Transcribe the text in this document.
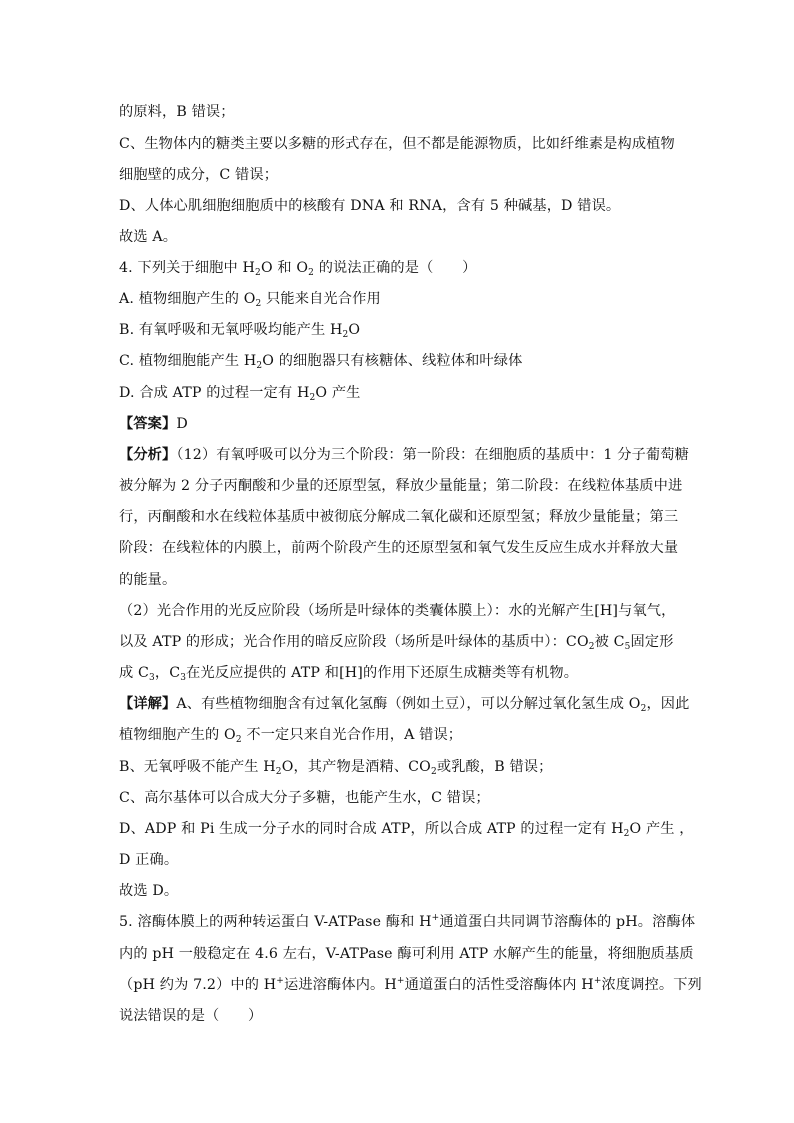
的原料，B 错误；
C、生物体内的糖类主要以多糖的形式存在，但不都是能源物质，比如纤维素是构成植物
细胞壁的成分，C 错误；
D、人体心肌细胞细胞质中的核酸有 DNA 和 RNA，含有 5 种碱基，D 错误。
故选 A。
4. 下列关于细胞中 $H_2O$ 和 $O_2$ 的说法正确的是（　　）
A. 植物细胞产生的 $O_2$ 只能来自光合作用
B. 有氧呼吸和无氧呼吸均能产生 $H_2O$
C. 植物细胞能产生 $H_2O$ 的细胞器只有核糖体、线粒体和叶绿体
D. 合成 ATP 的过程一定有 $H_2O$ 产生
【答案】D
【分析】（12）有氧呼吸可以分为三个阶段：第一阶段：在细胞质的基质中：1 分子葡萄糖
被分解为 2 分子丙酮酸和少量的还原型氢，释放少量能量；第二阶段：在线粒体基质中进
行，丙酮酸和水在线粒体基质中被彻底分解成二氧化碳和还原型氢；释放少量能量；第三
阶段：在线粒体的内膜上，前两个阶段产生的还原型氢和氧气发生反应生成水并释放大量
的能量。
（2）光合作用的光反应阶段（场所是叶绿体的类囊体膜上）：水的光解产生[H]与氧气，
以及 ATP 的形成；光合作用的暗反应阶段（场所是叶绿体的基质中）：$CO_2$被 $C_5$固定形
成 $C_3$，$C_3$在光反应提供的 ATP 和[H]的作用下还原生成糖类等有机物。
【详解】A、有些植物细胞含有过氧化氢酶（例如土豆），可以分解过氧化氢生成 $O_2$，因此
植物细胞产生的 $O_2$ 不一定只来自光合作用，A 错误；
B、无氧呼吸不能产生 $H_2O$，其产物是酒精、$CO_2$或乳酸，B 错误；
C、高尔基体可以合成大分子多糖，也能产生水，C 错误；
D、ADP 和 Pi 生成一分子水的同时合成 ATP，所以合成 ATP 的过程一定有 $H_2O$ 产生 ，
D 正确。
故选 D。
5. 溶酶体膜上的两种转运蛋白 V-ATPase 酶和 H+通道蛋白共同调节溶酶体的 pH。溶酶体
内的 pH 一般稳定在 4.6 左右，V-ATPase 酶可利用 ATP 水解产生的能量，将细胞质基质
（pH 约为 7.2）中的 H+运进溶酶体内。H+通道蛋白的活性受溶酶体内 H+浓度调控。下列
说法错误的是（　　）
